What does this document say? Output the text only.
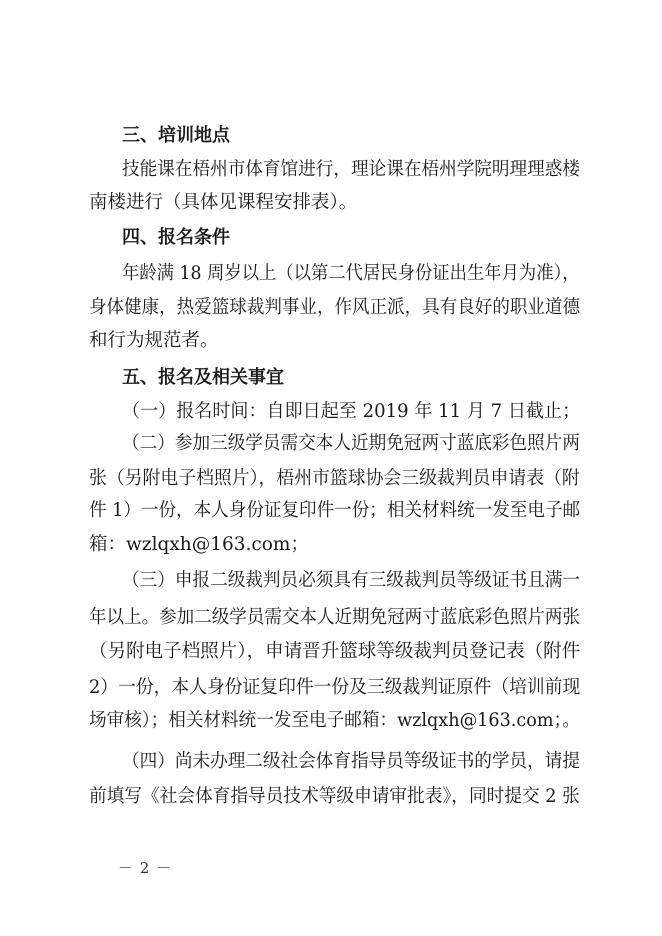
三、培训地点
技能课在梧州市体育馆进行，理论课在梧州学院明理理惑楼
南楼进行（具体见课程安排表）。
四、报名条件
年龄满 18 周岁以上（以第二代居民身份证出生年月为准），
身体健康，热爱篮球裁判事业，作风正派，具有良好的职业道德
和行为规范者。
五、报名及相关事宜
（一）报名时间：自即日起至 2019 年 11 月 7 日截止；
（二）参加三级学员需交本人近期免冠两寸蓝底彩色照片两
张（另附电子档照片），梧州市篮球协会三级裁判员申请表（附
件 1）一份，本人身份证复印件一份；相关材料统一发至电子邮
箱：wzlqxh@163.com；
（三）申报二级裁判员必须具有三级裁判员等级证书且满一
年以上。参加二级学员需交本人近期免冠两寸蓝底彩色照片两张
（另附电子档照片），申请晋升篮球等级裁判员登记表（附件
2）一份，本人身份证复印件一份及三级裁判证原件（培训前现
场审核）；相关材料统一发至电子邮箱：wzlqxh@163.com；。
（四）尚未办理二级社会体育指导员等级证书的学员，请提
前填写《社会体育指导员技术等级申请审批表》，同时提交 2 张
－ 2 －
